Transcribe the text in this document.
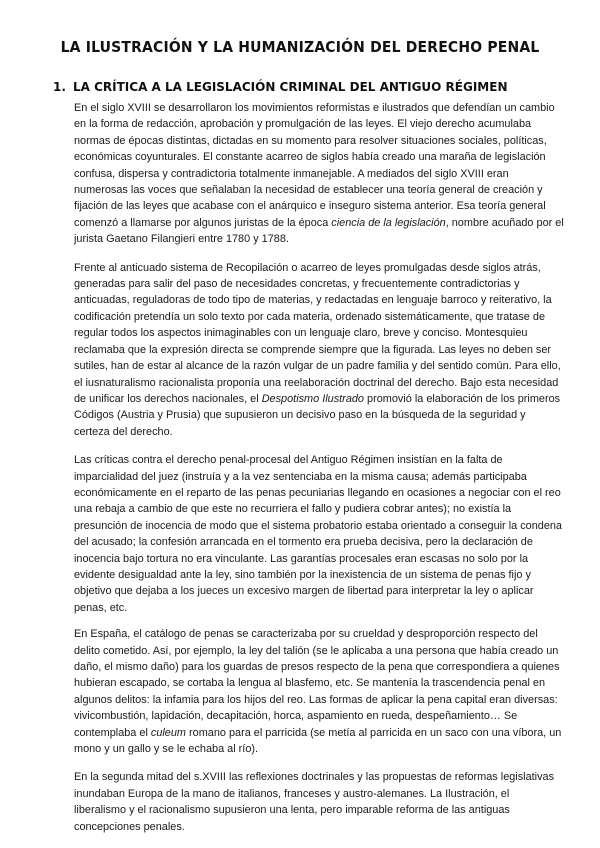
LA ILUSTRACIÓN Y LA HUMANIZACIÓN DEL DERECHO PENAL
1. LA CRÍTICA A LA LEGISLACIÓN CRIMINAL DEL ANTIGUO RÉGIMEN

En el siglo XVIII se desarrollaron los movimientos reformistas e ilustrados que defendían un cambio en la forma de redacción, aprobación y promulgación de las leyes. El viejo derecho acumulaba normas de épocas distintas, dictadas en su momento para resolver situaciones sociales, políticas, económicas coyunturales. El constante acarreo de siglos había creado una maraña de legislación confusa, dispersa y contradictoria totalmente inmanejable. A mediados del siglo XVIII eran numerosas las voces que señalaban la necesidad de establecer una teoría general de creación y fijación de las leyes que acabase con el anárquico e inseguro sistema anterior. Esa teoría general comenzó a llamarse por algunos juristas de la época ciencia de la legislación, nombre acuñado por el jurista Gaetano Filangieri entre 1780 y 1788.

Frente al anticuado sistema de Recopilación o acarreo de leyes promulgadas desde siglos atrás, generadas para salir del paso de necesidades concretas, y frecuentemente contradictorias y anticuadas, reguladoras de todo tipo de materias, y redactadas en lenguaje barroco y reiterativo, la codificación pretendía un solo texto por cada materia, ordenado sistemáticamente, que tratase de regular todos los aspectos inimaginables con un lenguaje claro, breve y conciso. Montesquieu reclamaba que la expresión directa se comprende siempre que la figurada. Las leyes no deben ser sutiles, han de estar al alcance de la razón vulgar de un padre familia y del sentido común. Para ello, el iusnaturalismo racionalista proponía una reelaboración doctrinal del derecho. Bajo esta necesidad de unificar los derechos nacionales, el Despotismo Ilustrado promovió la elaboración de los primeros Códigos (Austria y Prusia) que supusieron un decisivo paso en la búsqueda de la seguridad y certeza del derecho.

Las críticas contra el derecho penal-procesal del Antiguo Régimen insistían en la falta de imparcialidad del juez (instruía y a la vez sentenciaba en la misma causa; además participaba económicamente en el reparto de las penas pecuniarias llegando en ocasiones a negociar con el reo una rebaja a cambio de que este no recurriera el fallo y pudiera cobrar antes); no existía la presunción de inocencia de modo que el sistema probatorio estaba orientado a conseguir la condena del acusado; la confesión arrancada en el tormento era prueba decisiva, pero la declaración de inocencia bajo tortura no era vinculante. Las garantías procesales eran escasas no solo por la evidente desigualdad ante la ley, sino también por la inexistencia de un sistema de penas fijo y objetivo que dejaba a los jueces un excesivo margen de libertad para interpretar la ley o aplicar penas, etc.

En España, el catálogo de penas se caracterizaba por su crueldad y desproporción respecto del delito cometido. Así, por ejemplo, la ley del talión (se le aplicaba a una persona que había creado un daño, el mismo daño) para los guardas de presos respecto de la pena que correspondiera a quienes hubieran escapado, se cortaba la lengua al blasfemo, etc. Se mantenía la trascendencia penal en algunos delitos: la infamia para los hijos del reo. Las formas de aplicar la pena capital eran diversas: vivicombustión, lapidación, decapitación, horca, aspamiento en rueda, despeñamiento… Se contemplaba el culeum romano para el parricida (se metía al parricida en un saco con una víbora, un mono y un gallo y se le echaba al río).

En la segunda mitad del s.XVIII las reflexiones doctrinales y las propuestas de reformas legislativas inundaban Europa de la mano de italianos, franceses y austro-alemanes. La Ilustración, el liberalismo y el racionalismo supusieron una lenta, pero imparable reforma de las antiguas concepciones penales.
